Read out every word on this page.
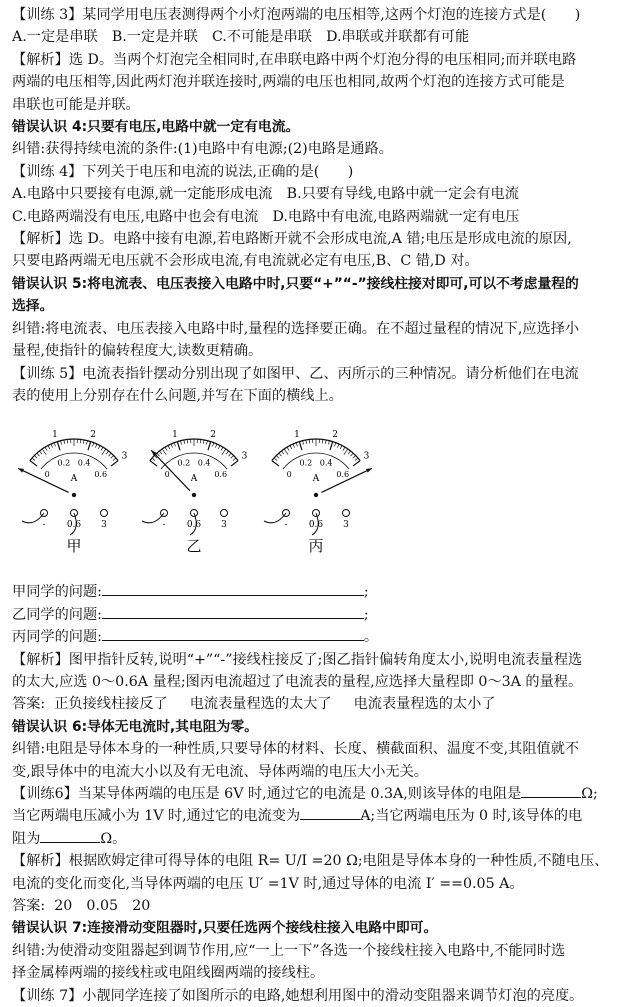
【训练 3】某同学用电压表测得两个小灯泡两端的电压相等,这两个灯泡的连接方式是(　　)

A.一定是串联　B.一定是并联　C.不可能是串联　D.串联或并联都有可能

【解析】选 D。当两个灯泡完全相同时,在串联电路中两个灯泡分得的电压相同;而并联电路

两端的电压相等,因此两灯泡并联连接时,两端的电压也相同,故两个灯泡的连接方式可能是

串联也可能是并联。

错误认识 4:只要有电压,电路中就一定有电流。

纠错:获得持续电流的条件:(1)电路中有电源;(2)电路是通路。

【训练 4】下列关于电压和电流的说法,正确的是(　　)

A.电路中只要接有电源,就一定能形成电流　B.只要有导线,电路中就一定会有电流

C.电路两端没有电压,电路中也会有电流　D.电路中有电流,电路两端就一定有电压

【解析】选 D。电路中接有电源,若电路断开就不会形成电流,A 错;电压是形成电流的原因,

只要电路两端无电压就不会形成电流,有电流就必定有电压,B、C 错,D 对。

错误认识 5:将电流表、电压表接入电路中时,只要“+”“-”接线柱接对即可,可以不考虑量程的

选择。

纠错:将电流表、电压表接入电路中时,量程的选择要正确。在不超过量程的情况下,应选择小

量程,使指针的偏转程度大,读数更精确。

【训练 5】电流表指针摆动分别出现了如图甲、乙、丙所示的三种情况。请分析他们在电流

表的使用上分别存在什么问题,并写在下面的横线上。

1	2
3
0
0.2 0.4
0.6
A
- 0.6 3
甲
1	2
3
0
0.2 0.4
0.6
A
- 0.6 3
乙
1	2
3
0
0.2 0.4
0.6
A
- 0.6 3
丙

甲同学的问题:	;

乙同学的问题:	;

丙同学的问题:	。

【解析】图甲指针反转,说明“+”“-”接线柱接反了;图乙指针偏转角度太小,说明电流表量程选

的太大,应选 0～0.6A 量程;图丙电流超过了电流表的量程,应选择大量程即 0～3A 的量程。

答案: 正负接线柱接反了 电流表量程选的太大了 电流表量程选的太小了

错误认识 6:导体无电流时,其电阻为零。

纠错:电阻是导体本身的一种性质,只要导体的材料、长度、横截面积、温度不变,其阻值就不

变,跟导体中的电流大小以及有无电流、导体两端的电压大小无关。

【训练6】当某导体两端的电压是 6V 时,通过它的电流是 0.3A,则该导体的电阻是	Ω;

当它两端电压减小为 1V 时,通过它的电流变为	A;当它两端电压为 0 时,该导体的电

阻为	Ω。

【解析】根据欧姆定律可得导体的电阻 R= U/I =20 Ω;电阻是导体本身的一种性质,不随电压、

电流的变化而变化,当导体两端的电压 U′ =1V 时,通过导体的电流 I′ ==0.05 A。

答案: 20　0.05　20

错误认识 7:连接滑动变阻器时,只要任选两个接线柱接入电路中即可。

纠错:为使滑动变阻器起到调节作用,应“一上一下”各选一个接线柱接入电路中,不能同时选

择金属棒两端的接线柱或电阻线圈两端的接线柱。

【训练 7】小靓同学连接了如图所示的电路,她想利用图中的滑动变阻器来调节灯泡的亮度。
